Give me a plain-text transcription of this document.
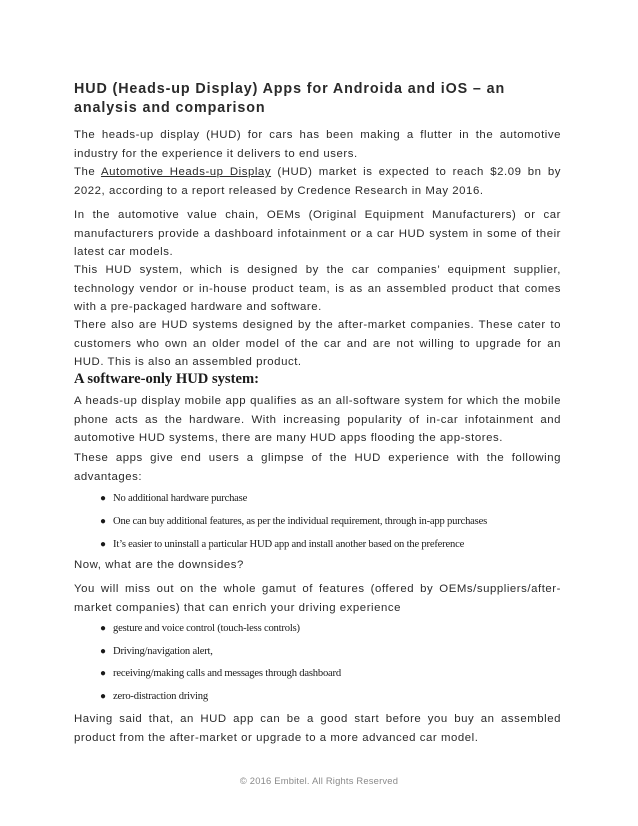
HUD (Heads-up Display) Apps for Androida and iOS – an analysis and comparison

The heads-up display (HUD) for cars has been making a flutter in the automotive industry for the experience it delivers to end users.

The Automotive Heads-up Display (HUD) market is expected to reach $2.09 bn by 2022, according to a report released by Credence Research in May 2016.

In the automotive value chain, OEMs (Original Equipment Manufacturers) or car manufacturers provide a dashboard infotainment or a car HUD system in some of their latest car models.

This HUD system, which is designed by the car companies’ equipment supplier, technology vendor or in-house product team, is as an assembled product that comes with a pre-packaged hardware and software.

There also are HUD systems designed by the after-market companies. These cater to customers who own an older model of the car and are not willing to upgrade for an HUD. This is also an assembled product.

A software-only HUD system:

A heads-up display mobile app qualifies as an all-software system for which the mobile phone acts as the hardware. With increasing popularity of in-car infotainment and automotive HUD systems, there are many HUD apps flooding the app-stores.

These apps give end users a glimpse of the HUD experience with the following advantages:

● No additional hardware purchase
● One can buy additional features, as per the individual requirement, through in-app purchases
● It’s easier to uninstall a particular HUD app and install another based on the preference

Now, what are the downsides?

You will miss out on the whole gamut of features (offered by OEMs/suppliers/after-market companies) that can enrich your driving experience

● gesture and voice control (touch-less controls)
● Driving/navigation alert,
● receiving/making calls and messages through dashboard
● zero-distraction driving

Having said that, an HUD app can be a good start before you buy an assembled product from the after-market or upgrade to a more advanced car model.

© 2016 Embitel. All Rights Reserved
